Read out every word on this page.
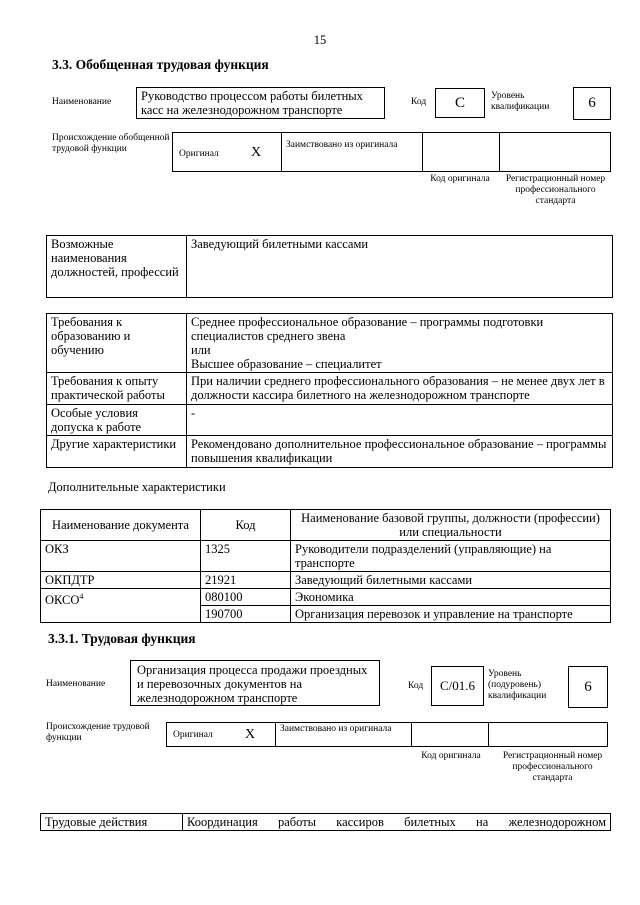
15
3.3. Обобщенная трудовая функция
Наименование	Руководство процессом работы билетных касс на железнодорожном транспорте
Код	C	Уровень квалификации	6
Происхождение обобщенной трудовой функции	Оригинал X	Заимствовано из оригинала
Код оригинала Регистрационный номер профессионального стандарта
Возможные наименования должностей, профессий	Заведующий билетными кассами
Требования к образованию и обучению	Среднее профессиональное образование – программы подготовки специалистов среднего звена
или
Высшее образование – специалитет

Требования к опыту практической работы	При наличии среднего профессионального образования – не менее двух лет в должности кассира билетного на железнодорожном транспорте
Особые условия допуска к работе	-
Другие характеристики	Рекомендовано дополнительное профессиональное образование – программы повышения квалификации
Дополнительные характеристики
Наименование документа	Код	Наименование базовой группы, должности (профессии) или специальности
ОКЗ	1325	Руководители подразделений (управляющие) на транспорте
ОКПДТР	21921	Заведующий билетными кассами
ОКСО$^4$	080100	Экономика
	190700	Организация перевозок и управление на транспорте
3.3.1. Трудовая функция
Наименование
Организация процесса продажи проездных и перевозочных документов на железнодорожном транспорте
Код	C/01.6
Уровень (подуровень) квалификации
6
Происхождение трудовой функции	Оригинал X	Заимствовано из оригинала
Код оригинала Регистрационный номер профессионального стандарта
Трудовые действия	Координация работы кассиров билетных на железнодорожном
